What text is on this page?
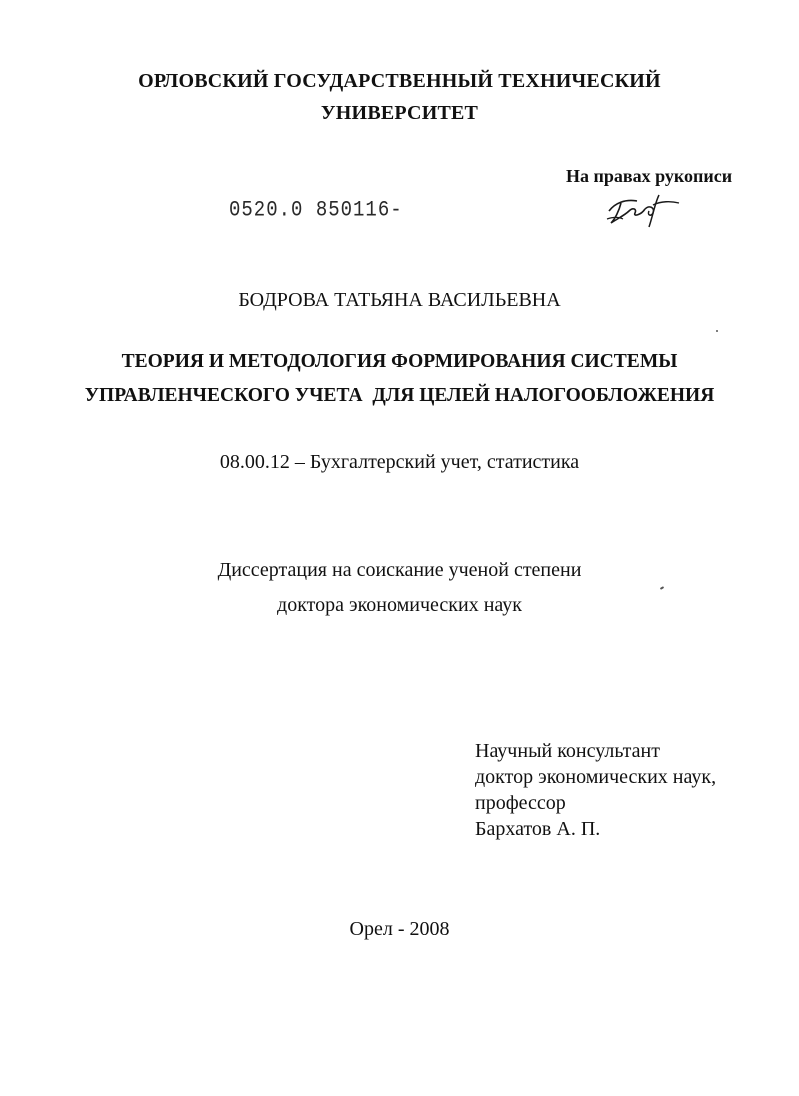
ОРЛОВСКИЙ ГОСУДАРСТВЕННЫЙ ТЕХНИЧЕСКИЙ
УНИВЕРСИТЕТ
На правах рукописи
0520.0 850116-
БОДРОВА ТАТЬЯНА ВАСИЛЬЕВНА
ТЕОРИЯ И МЕТОДОЛОГИЯ ФОРМИРОВАНИЯ СИСТЕМЫ
УПРАВЛЕНЧЕСКОГО УЧЕТА  ДЛЯ ЦЕЛЕЙ НАЛОГООБЛОЖЕНИЯ
08.00.12 – Бухгалтерский учет, статистика
Диссертация на соискание ученой степени
доктора экономических наук
Научный консультант
доктор экономических наук,
профессор
Бархатов А. П.
Орел - 2008
